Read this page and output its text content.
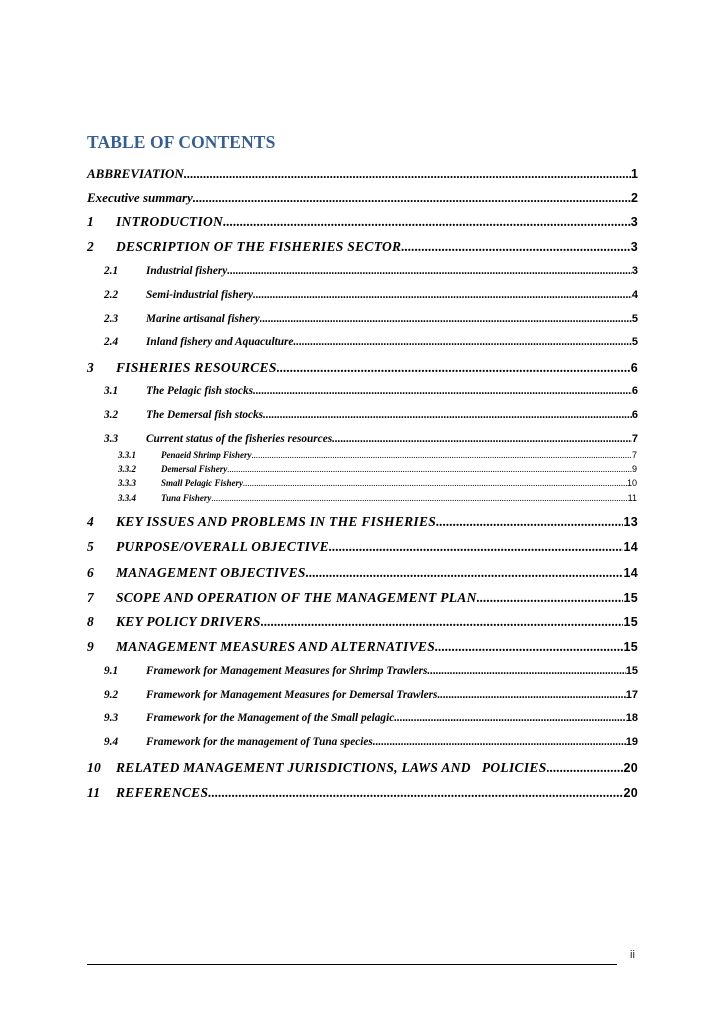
TABLE OF CONTENTS
ABBREVIATION .....	1
Executive summary .....	2
1	INTRODUCTION .....	3
2	DESCRIPTION OF THE FISHERIES SECTOR .....	3
2.1	Industrial fishery .....	3
2.2	Semi-industrial fishery .....	4
2.3	Marine artisanal fishery .....	5
2.4	Inland fishery and Aquaculture .....	5
3	FISHERIES RESOURCES .....	6
3.1	The Pelagic fish stocks .....	6
3.2	The Demersal fish stocks .....	6
3.3	Current status of the fisheries resources .....	7
3.3.1	Penaeid Shrimp Fishery .....	7
3.3.2	Demersal Fishery .....	9
3.3.3	Small Pelagic Fishery .....	10
3.3.4	Tuna Fishery .....	11
4	KEY ISSUES AND PROBLEMS IN THE FISHERIES .....	13
5	PURPOSE/OVERALL OBJECTIVE .....	14
6	MANAGEMENT OBJECTIVES .....	14
7	SCOPE AND OPERATION OF THE MANAGEMENT PLAN .....	15
8	KEY POLICY DRIVERS .....	15
9	MANAGEMENT MEASURES AND ALTERNATIVES .....	15
9.1	Framework for Management Measures for Shrimp Trawlers .....	15
9.2	Framework for Management Measures for Demersal Trawlers .....	17
9.3	Framework for the Management of the Small pelagic .....	18
9.4	Framework for the management of Tuna species .....	19
10	RELATED MANAGEMENT JURISDICTIONS, LAWS AND   POLICIES .....	20
11	REFERENCES .....	20
ii
